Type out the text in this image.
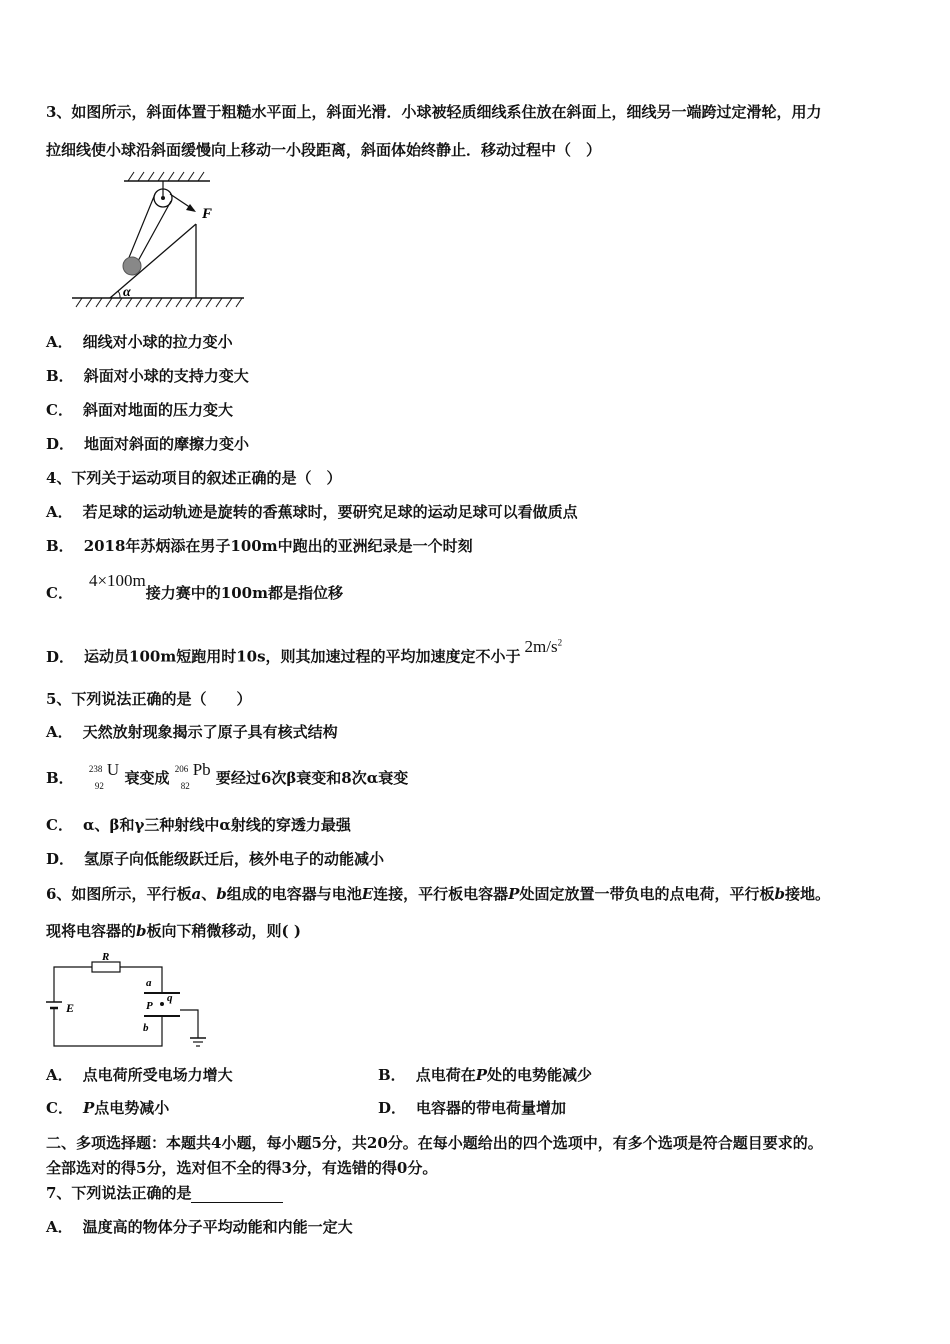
3、如图所示，斜面体置于粗糙水平面上，斜面光滑．小球被轻质细线系住放在斜面上，细线另一端跨过定滑轮，用力
拉细线使小球沿斜面缓慢向上移动一小段距离，斜面体始终静止．移动过程中（　）
F
α
A． 细线对小球的拉力变小
B． 斜面对小球的支持力变大
C． 斜面对地面的压力变大
D． 地面对斜面的摩擦力变小
4、下列关于运动项目的叙述正确的是（　）
A． 若足球的运动轨迹是旋转的香蕉球时，要研究足球的运动足球可以看做质点
B． 2018年苏炳添在男子100m中跑出的亚洲纪录是一个时刻
C．4×100m接力赛中的100m都是指位移
D． 运动员100m短跑用时10s，则其加速过程的平均加速度定不小于$2m/s^2$
5、下列说法正确的是（　　）
A． 天然放射现象揭示了原子具有核式结构
B． 238
92
U 衰变成 206
82
Pb 要经过6次β衰变和8次α衰变
C． α、β和γ三种射线中α射线的穿透力最强
D． 氢原子向低能级跃迁后，核外电子的动能减小
6、如图所示，平行板a、b组成的电容器与电池E连接，平行板电容器P处固定放置一带负电的点电荷，平行板b接地。
现将电容器的b板向下稍微移动，则( )
R
a
b
P
q
E
A． 点电荷所受电场力增大	B． 点电荷在P处的电势能减少
C． P点电势减小	D． 电容器的带电荷量增加
二、多项选择题：本题共4小题，每小题5分，共20分。在每小题给出的四个选项中，有多个选项是符合题目要求的。
全部选对的得5分，选对但不全的得3分，有选错的得0分。
7、下列说法正确的是
A． 温度高的物体分子平均动能和内能一定大
